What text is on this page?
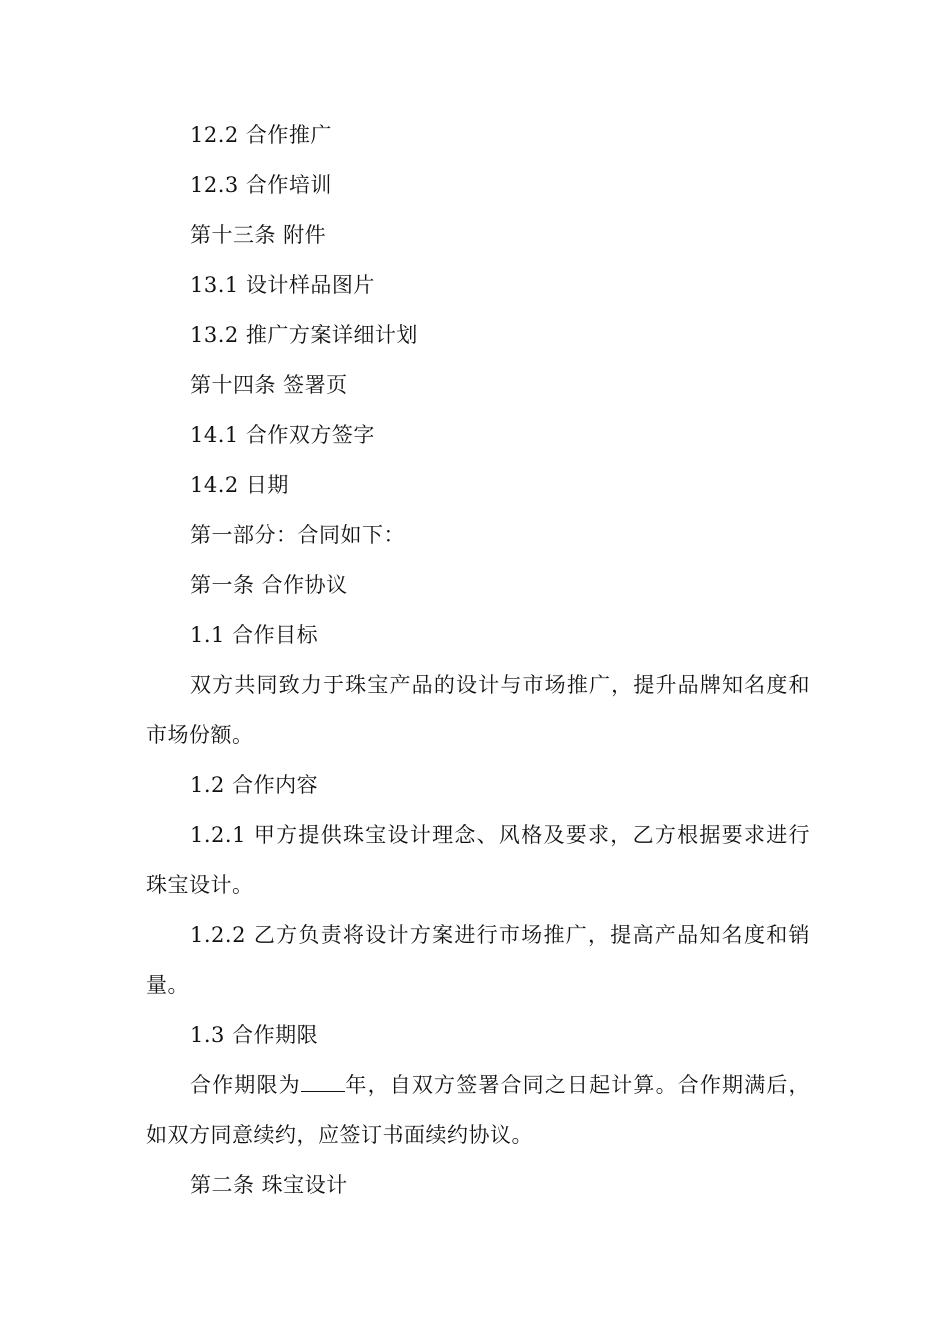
12.2 合作推广

12.3 合作培训

第十三条 附件

13.1 设计样品图片

13.2 推广方案详细计划

第十四条 签署页

14.1 合作双方签字

14.2 日期

第一部分：合同如下：

第一条 合作协议

1.1 合作目标

双方共同致力于珠宝产品的设计与市场推广，提升品牌知名度和市场份额。

1.2 合作内容

1.2.1 甲方提供珠宝设计理念、风格及要求，乙方根据要求进行珠宝设计。

1.2.2 乙方负责将设计方案进行市场推广，提高产品知名度和销量。

1.3 合作期限

合作期限为 年，自双方签署合同之日起计算。合作期满后，如双方同意续约，应签订书面续约协议。

第二条 珠宝设计
